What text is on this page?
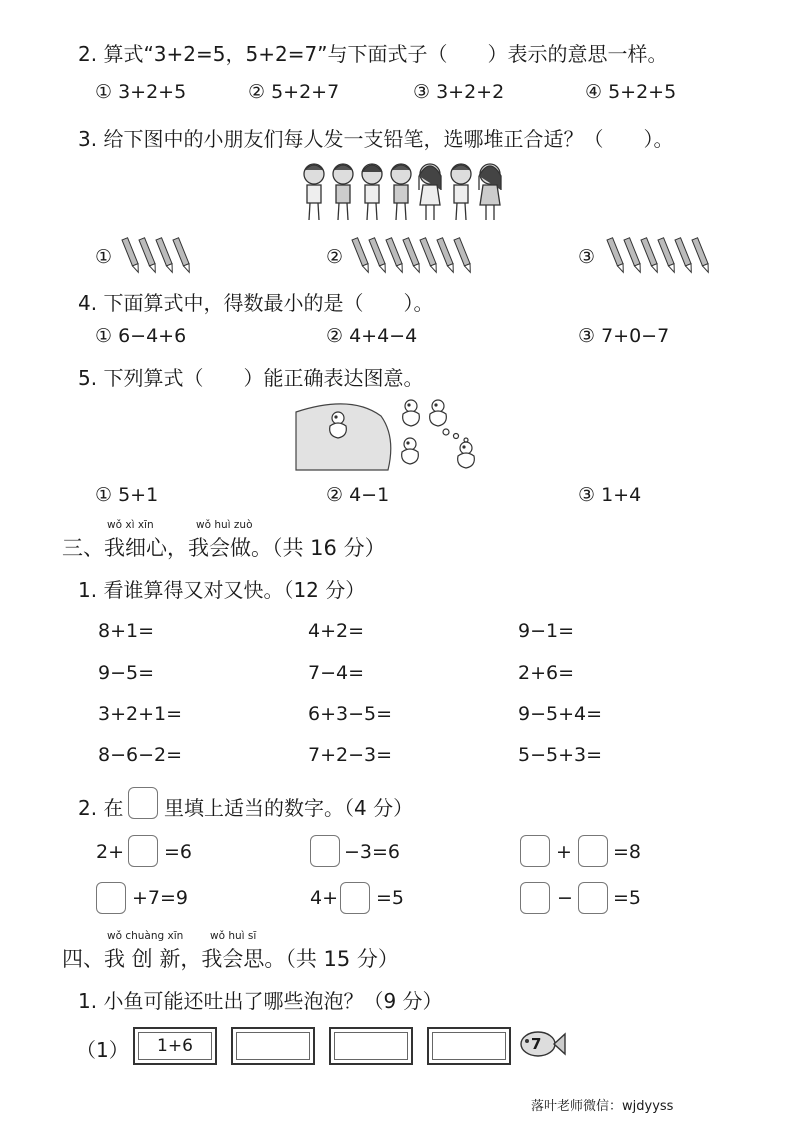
2. 算式“3+2=5，5+2=7”与下面式子（　　）表示的意思一样。
① 3+2+5	② 5+2+7	③ 3+2+2	④ 5+2+5
3. 给下图中的小朋友们每人发一支铅笔，选哪堆正合适？（　　）。
①	②	③
4. 下面算式中，得数最小的是（　　）。
① 6−4+6	② 4+4−4	③ 7+0−7
5. 下列算式（　　）能正确表达图意。
① 5+1	② 4−1	③ 1+4
wǒ xì xīn	wǒ huì zuò
三、我细心，我会做。（共 16 分）
1. 看谁算得又对又快。（12 分）
8+1=	4+2=	9−1=
9−5=	7−4=	2+6=
3+2+1=	6+3−5=	9−5+4=
8−6−2=	7+2−3=	5−5+3=
2. 在 里填上适当的数字。（4 分）
2+ =6	−3=6	+ =8
+7=9	4+ =5	− =5
wǒ chuàng xīn	wǒ huì sī
四、我 创 新，我会思。（共 15 分）
1. 小鱼可能还吐出了哪些泡泡？（9 分）
（1） 1+6	7
落叶老师微信：wjdyyss
